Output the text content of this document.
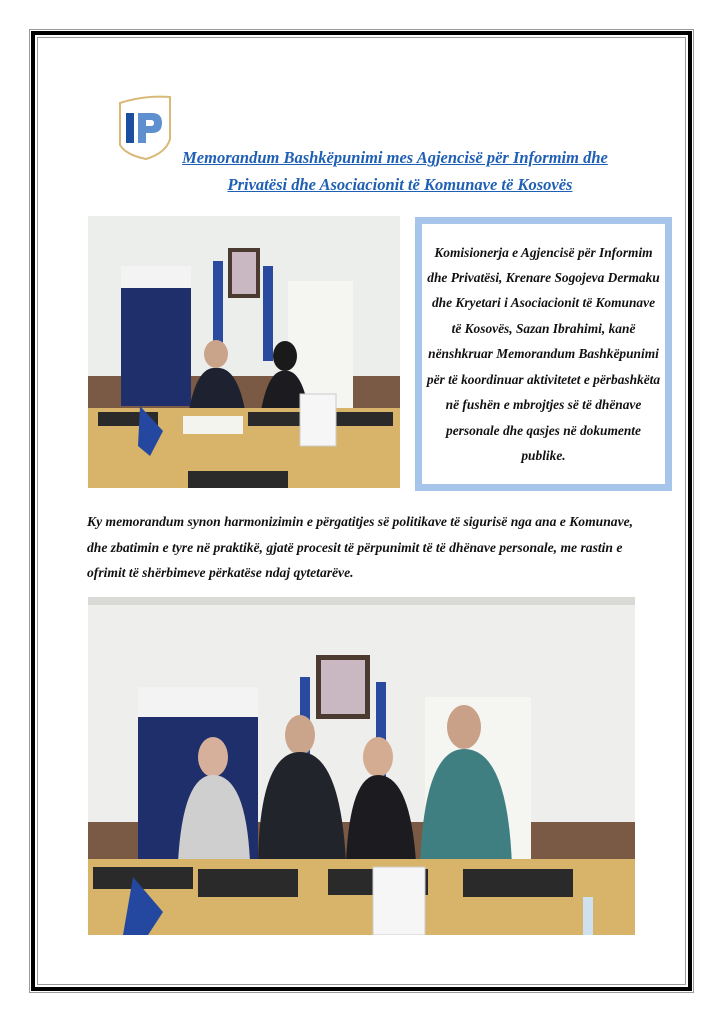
Memorandum Bashkëpunimi mes Agjencisë për Informim dhe

Privatësi dhe Asociacionit të Komunave të Kosovës
Komisionerja e Agjencisë për Informim dhe Privatësi, Krenare Sogojeva Dermaku dhe Kryetari i Asociacionit të Komunave të Kosovës, Sazan Ibrahimi, kanë nënshkruar Memorandum Bashkëpunimi për të koordinuar aktivitetet e përbashkëta në fushën e mbrojtjes së të dhënave personale dhe qasjes në dokumente publike.
Ky memorandum synon harmonizimin e përgatitjes së politikave të sigurisë nga ana e Komunave, dhe zbatimin e tyre në praktikë, gjatë procesit të përpunimit të të dhënave personale, me rastin e ofrimit të shërbimeve përkatëse ndaj qytetarëve.
